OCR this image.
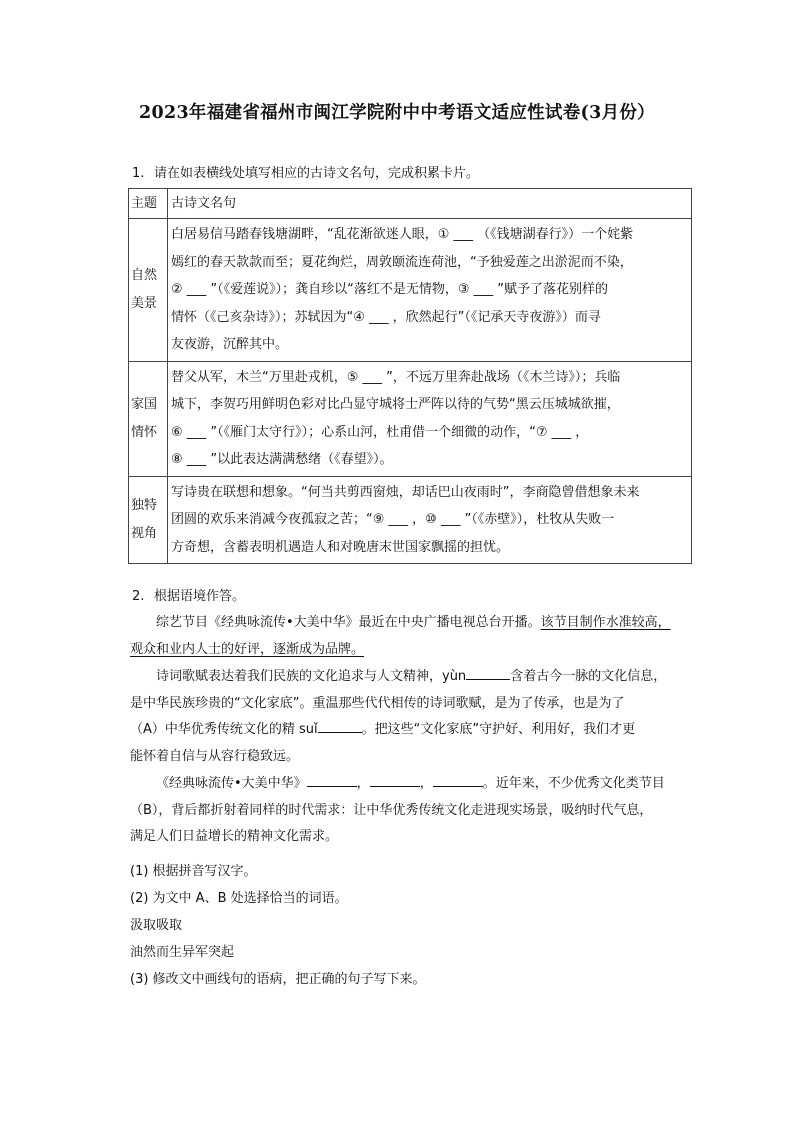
2023年福建省福州市闽江学院附中中考语文适应性试卷(3月份）
1. 请在如表横线处填写相应的古诗文名句，完成积累卡片。
主题	古诗文名句
自然美景	白居易信马踏春钱塘湖畔，“乱花渐欲迷人眼，① ___ （《钱塘湖春行》）一个姹紫
嫣红的春天款款而至；夏花绚烂，周敦颐流连荷池，“予独爱莲之出淤泥而不染，
② ___ ”（《爱莲说》）；龚自珍以“落红不是无情物，③ ___ ”赋予了落花别样的
情怀（《己亥杂诗》）；苏轼因为“④ ___ ，欣然起行”（《记承天寺夜游》）而寻
友夜游，沉醉其中。

家国情怀	替父从军，木兰“万里赴戎机，⑤ ___ ”，不远万里奔赴战场（《木兰诗》）；兵临
城下，李贺巧用鲜明色彩对比凸显守城将士严阵以待的气势“黑云压城城欲摧，
⑥ ___ ”（《雁门太守行》）；心系山河，杜甫借一个细微的动作，“⑦ ___ ，
⑧ ___ ”以此表达满满愁绪（《春望》）。

独特视角	写诗贵在联想和想象。“何当共剪西窗烛，却话巴山夜雨时”，李商隐曾借想象未来
团圆的欢乐来消减今夜孤寂之苦；“⑨ ___ ，⑩ ___ ”（《赤壁》），杜牧从失败一
方奇想，含蓄表明机遇造人和对晚唐末世国家飘摇的担忧。
2. 根据语境作答。
综艺节目《经典咏流传•大美中华》最近在中央广播电视总台开播。该节目制作水准较高，
观众和业内人士的好评，逐渐成为品牌。
诗词歌赋表达着我们民族的文化追求与人文精神，yùn	含着古今一脉的文化信息，
是中华民族珍贵的“文化家底”。重温那些代代相传的诗词歌赋，是为了传承，也是为了
（A）中华优秀传统文化的精 suǐ	。把这些“文化家底”守护好、利用好，我们才更
能怀着自信与从容行稳致远。
《经典咏流传•大美中华》	，	，	。近年来，不少优秀文化类节目
（B），背后都折射着同样的时代需求：让中华优秀传统文化走进现实场景，吸纳时代气息，
满足人们日益增长的精神文化需求。
(1) 根据拼音写汉字。
(2) 为文中 A、B 处选择恰当的词语。
汲取吸取
油然而生异军突起
(3) 修改文中画线句的语病，把正确的句子写下来。
